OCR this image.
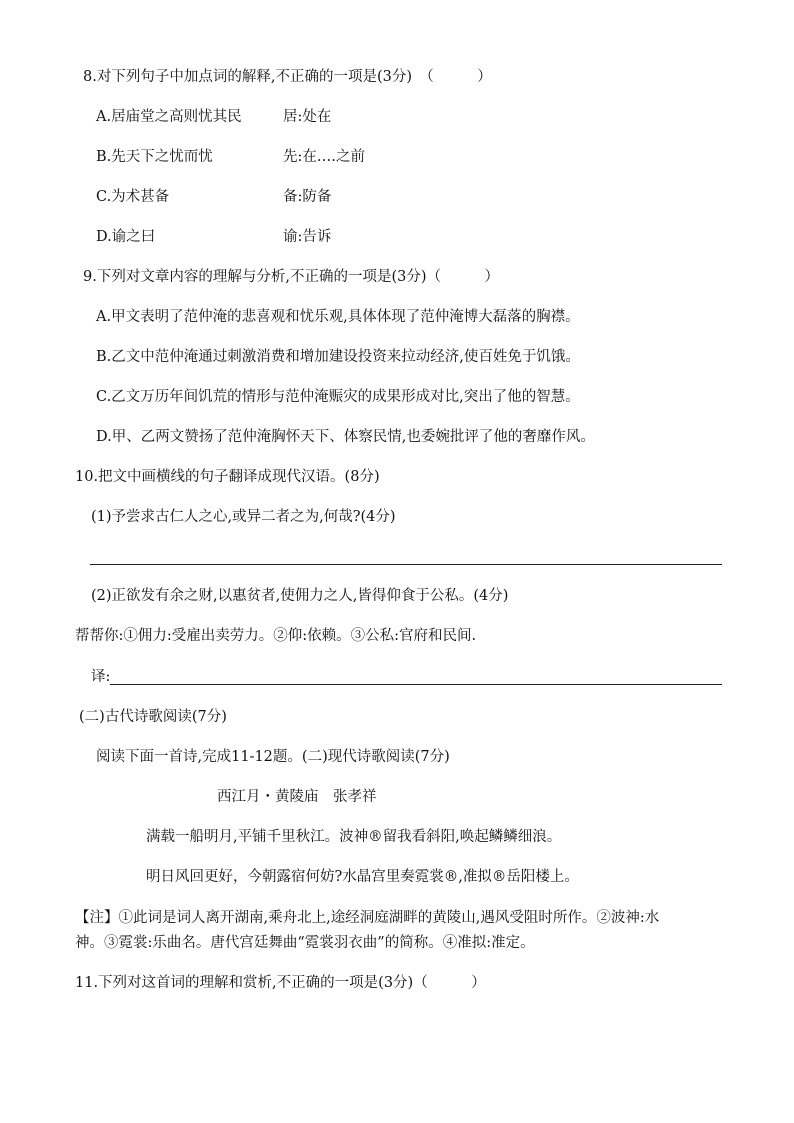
8.对下列句子中加点词的解释,不正确的一项是(3分)　（　　　）
A.居庙堂之高则忧其民	居:处在
B.先天下之忧而忧	先:在.…之前
C.为术甚备	备:防备
D.谕之曰	谕:告诉
9.下列对文章内容的理解与分析,不正确的一项是(3分)（　　　）
A.甲文表明了范仲淹的悲喜观和忧乐观,具体体现了范仲淹博大磊落的胸襟。
B.乙文中范仲淹通过刺激消费和增加建设投资来拉动经济,使百姓免于饥饿。
C.乙文万历年间饥荒的情形与范仲淹赈灾的成果形成对比,突出了他的智慧。
D.甲、乙两文赞扬了范仲淹胸怀天下、体察民情,也委婉批评了他的奢靡作风。
10.把文中画横线的句子翻译成现代汉语。(8分)
(1)予尝求古仁人之心,或异二者之为,何哉?(4分)
(2)正欲发有余之财,以惠贫者,使佣力之人,皆得仰食于公私。(4分)
帮帮你:①佣力:受雇出卖劳力。②仰:依赖。③公私:官府和民间.
译:
(二)古代诗歌阅读(7分)
阅读下面一首诗,完成11-12题。(二)现代诗歌阅读(7分)
西江月・黄陵庙　张孝祥
满载一船明月,平铺千里秋江。波神®留我看斜阳,唤起鳞鳞细浪。
明日风回更好，今朝露宿何妨?水晶宫里奏霓裳®,准拟®岳阳楼上。
【注】①此词是词人离开湖南,乘舟北上,途经洞庭湖畔的黄陵山,遇风受阻时所作。②波神:水
神。③霓裳:乐曲名。唐代宫廷舞曲“霓裳羽衣曲”的简称。④准拟:准定。
11.下列对这首词的理解和赏析,不正确的一项是(3分)（　　　）
